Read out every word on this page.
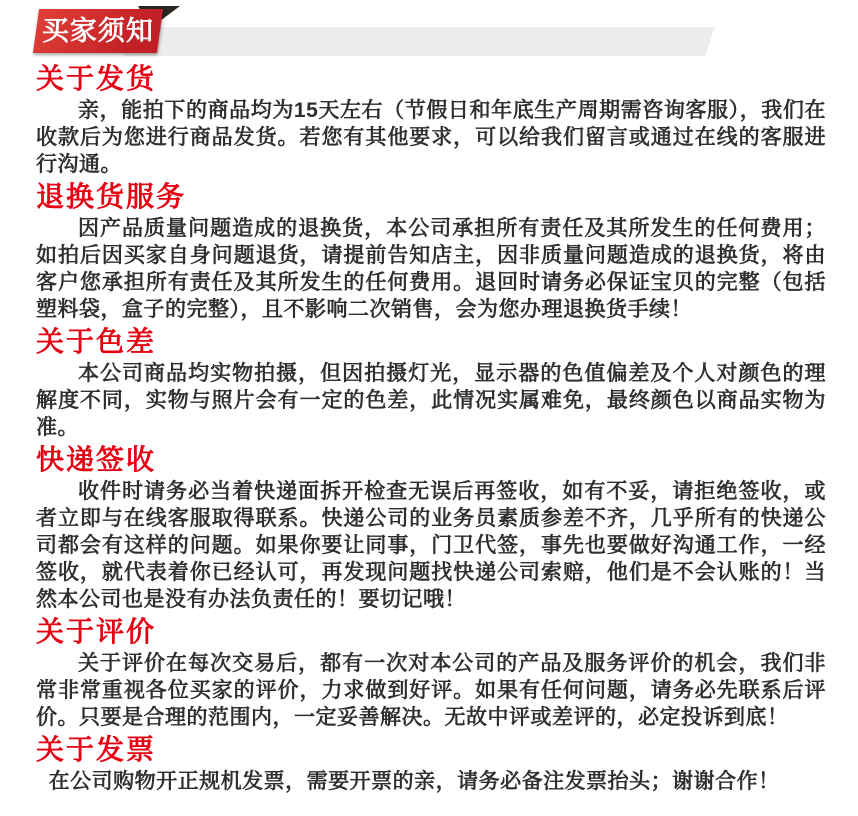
买家须知
关于发货

亲，能拍下的商品均为15天左右（节假日和年底生产周期需咨询客服），我们在收款后为您进行商品发货。若您有其他要求，可以给我们留言或通过在线的客服进行沟通。

退换货服务

因产品质量问题造成的退换货，本公司承担所有责任及其所发生的任何费用；如拍后因买家自身问题退货，请提前告知店主，因非质量问题造成的退换货，将由客户您承担所有责任及其所发生的任何费用。退回时请务必保证宝贝的完整（包括塑料袋，盒子的完整），且不影响二次销售，会为您办理退换货手续！

关于色差

本公司商品均实物拍摄，但因拍摄灯光，显示器的色值偏差及个人对颜色的理解度不同，实物与照片会有一定的色差，此情况实属难免，最终颜色以商品实物为准。

快递签收

收件时请务必当着快递面拆开检查无误后再签收，如有不妥，请拒绝签收，或者立即与在线客服取得联系。快递公司的业务员素质参差不齐，几乎所有的快递公司都会有这样的问题。如果你要让同事，门卫代签，事先也要做好沟通工作，一经签收，就代表着你已经认可，再发现问题找快递公司索赔，他们是不会认账的！当然本公司也是没有办法负责任的！要切记哦！

关于评价

关于评价在每次交易后，都有一次对本公司的产品及服务评价的机会，我们非常非常重视各位买家的评价，力求做到好评。如果有任何问题，请务必先联系后评价。只要是合理的范围内，一定妥善解决。无故中评或差评的，必定投诉到底！

关于发票

在公司购物开正规机发票，需要开票的亲，请务必备注发票抬头；谢谢合作！
